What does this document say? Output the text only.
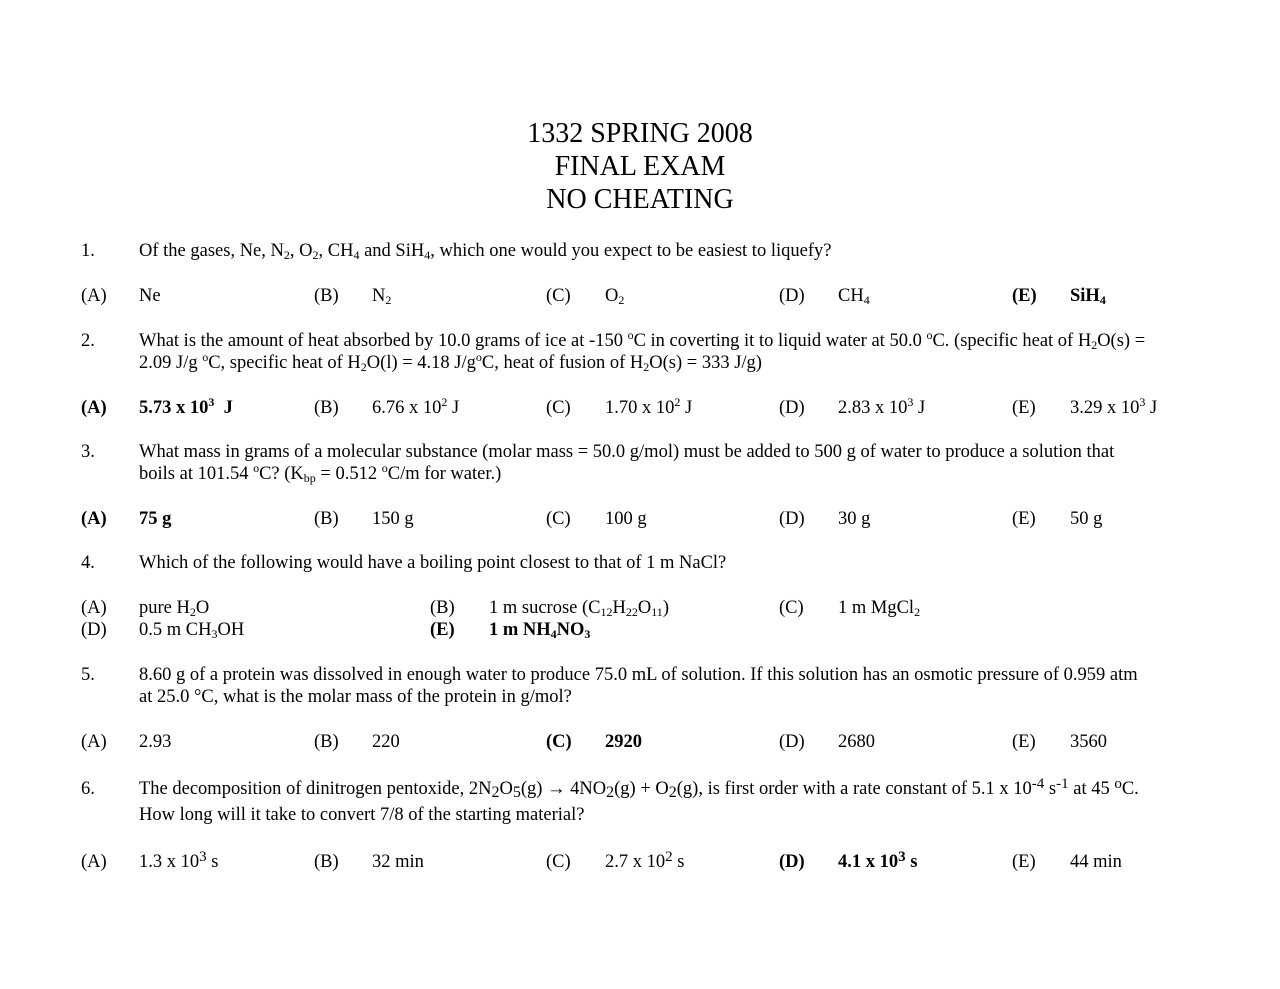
1332 SPRING 2008
FINAL EXAM
NO CHEATING
1. Of the gases, Ne, N2, O2, CH4 and SiH4, which one would you expect to be easiest to liquefy?
(A) Ne	(B) N2	(C) O2	(D) CH4	(E) SiH4
2. What is the amount of heat absorbed by 10.0 grams of ice at -150 $^o$C in coverting it to liquid water at 50.0 $^o$C. (specific heat of H2O(s) =
2.09 J/g $^o$C, specific heat of H2O(l) = 4.18 $J/g^oC$, heat of fusion of H2O(s) = 333 J/g)
(A) 5.73 x $10^3$ J	(B) 6.76 x $10^2$ J	(C) 1.70 x $10^2$ J	(D) 2.83 x $10^3$ J	(E) 3.29 x $10^3$ J
3. What mass in grams of a molecular substance (molar mass = 50.0 g/mol) must be added to 500 g of water to produce a solution that
boils at 101.54 $^o$C? (Kbp = 0.512 $^o$C/m for water.)
(A) 75 g	(B) 150 g	(C) 100 g	(D) 30 g	(E) 50 g
4. Which of the following would have a boiling point closest to that of 1 m NaCl?
(A) pure H2O	(B) 1 m sucrose (C12H22O11)	(C) 1 m MgCl2
(D) 0.5 m CH3OH	(E) 1 m NH4NO3
5. 8.60 g of a protein was dissolved in enough water to produce 75.0 mL of solution. If this solution has an osmotic pressure of 0.959 atm
at 25.0 °C, what is the molar mass of the protein in g/mol?
(A) 2.93	(B) 220	(C) 2920	(D) 2680	(E) 3560
6. The decomposition of dinitrogen pentoxide, 2N2O5(g) → 4NO2(g) + O2(g), is first order with a rate constant of 5.1 x $10^{-4}$ $s^{-1}$ at 45 $^o$C.
How long will it take to convert 7/8 of the starting material?
(A) 1.3 x $10^3$ s	(B) 32 min	(C) 2.7 x $10^2$ s	(D) 4.1 x $10^3$ s	(E) 44 min
